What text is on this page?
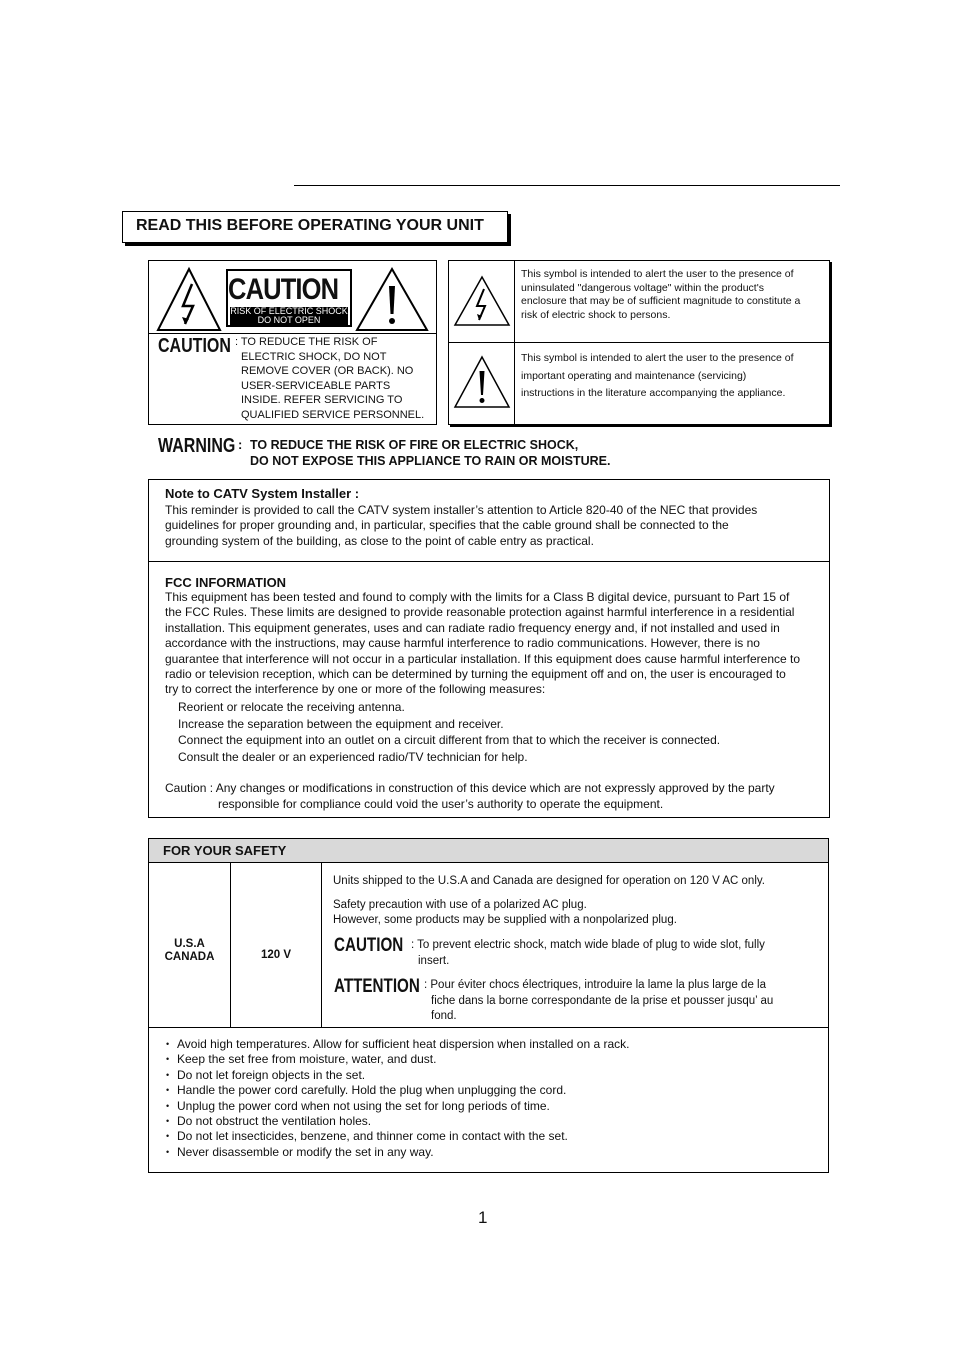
READ THIS BEFORE OPERATING YOUR UNIT
CAUTION
RISK OF ELECTRIC SHOCK
DO NOT OPEN
CAUTION : TO REDUCE THE RISK OF
ELECTRIC SHOCK, DO NOT
REMOVE COVER (OR BACK). NO
USER-SERVICEABLE PARTS
INSIDE. REFER SERVICING TO
QUALIFIED SERVICE PERSONNEL.
This symbol is intended to alert the user to the presence of
uninsulated "dangerous voltage" within the product's
enclosure that may be of sufficient magnitude to constitute a
risk of electric shock to persons.
This symbol is intended to alert the user to the presence of
important operating and maintenance (servicing)
instructions in the literature accompanying the appliance.
WARNING : TO REDUCE THE RISK OF FIRE OR ELECTRIC SHOCK,
DO NOT EXPOSE THIS APPLIANCE TO RAIN OR MOISTURE.
Note to CATV System Installer :
This reminder is provided to call the CATV system installer’s attention to Article 820-40 of the NEC that provides
guidelines for proper grounding and, in particular, specifies that the cable ground shall be connected to the
grounding system of the building, as close to the point of cable entry as practical.
FCC INFORMATION
This equipment has been tested and found to comply with the limits for a Class B digital device, pursuant to Part 15 of
the FCC Rules. These limits are designed to provide reasonable protection against harmful interference in a residential
installation. This equipment generates, uses and can radiate radio frequency energy and, if not installed and used in
accordance with the instructions, may cause harmful interference to radio communications. However, there is no
guarantee that interference will not occur in a particular installation. If this equipment does cause harmful interference to
radio or television reception, which can be determined by turning the equipment off and on, the user is encouraged to
try to correct the interference by one or more of the following measures:
Reorient or relocate the receiving antenna.
Increase the separation between the equipment and receiver.
Connect the equipment into an outlet on a circuit different from that to which the receiver is connected.
Consult the dealer or an experienced radio/TV technician for help.
Caution : Any changes or modifications in construction of this device which are not expressly approved by the party
responsible for compliance could void the user’s authority to operate the equipment.
FOR YOUR SAFETY
U.S.A
CANADA	120 V
Units shipped to the U.S.A and Canada are designed for operation on 120 V AC only.
Safety precaution with use of a polarized AC plug.
However, some products may be supplied with a nonpolarized plug.
CAUTION : To prevent electric shock, match wide blade of plug to wide slot, fully
insert.
ATTENTION : Pour éviter chocs électriques, introduire la lame la plus large de la
fiche dans la borne correspondante de la prise et pousser jusqu’ au
fond.
• Avoid high temperatures. Allow for sufficient heat dispersion when installed on a rack.
• Keep the set free from moisture, water, and dust.
• Do not let foreign objects in the set.
• Handle the power cord carefully. Hold the plug when unplugging the cord.
• Unplug the power cord when not using the set for long periods of time.
• Do not obstruct the ventilation holes.
• Do not let insecticides, benzene, and thinner come in contact with the set.
• Never disassemble or modify the set in any way.
1
